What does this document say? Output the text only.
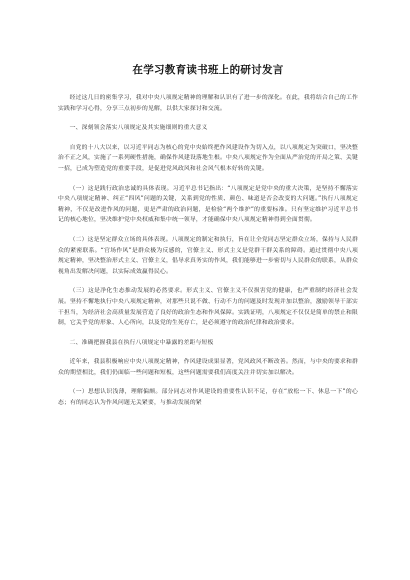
在学习教育读书班上的研讨发言

经过这几日的密集学习，我对中央八项规定精神的理解和认识有了进一步的深化。在此，我将结合自己的工作实践和学习心得，分享三点初步的见解，以供大家探讨和交流。

一、深刻领会落实八项规定及其实施细则的重大意义

自党的十八大以来，以习近平同志为核心的党中央始终把作风建设作为切入点，以八项规定为突破口，坚决整治不正之风，实施了一系列硬性措施，确保作风建设落地生根。中央八项规定作为全面从严治党的开局之策、关键一招，已成为塑造党的重要手段，是促进党风政风和社会风气根本好转的关键。

（一）这是践行政治忠诚的具体表现。习近平总书记指出：“八项规定是党中央的重大决策，是坚持不懈落实中央八项规定精神、纠正“四风”问题的关键，关系到党的性质、颜色、味道是否会改变的大问题。”执行八项规定精神，不仅是改进作风的问题，更是严肃的政治问题，是检验“两个维护”的重要标准。只有坚定维护习近平总书记的核心地位，坚决维护党中央权威和集中统一领导，才能确保中央八项规定精神得到全面贯彻。

（二）这是坚定群众立场的具体表现。八项规定的制定和执行，旨在让全党同志坚定群众立场，保持与人民群众的紧密联系。“官场作风”是群众极为反感的，官僚主义、形式主义是党群干群关系的障碍。通过贯彻中央八项规定精神，坚决整治形式主义、官僚主义，倡导求真务实的作风，我们能够进一步密切与人民群众的联系，从群众视角出发解决问题，以实际成效赢得民心。

（三）这是净化生态推动发展的必然要求。形式主义、官僚主义不仅损害党的健康，也严重制约经济社会发展。坚持不懈地执行中央八项规定精神，对那些只说不做、行动不力的问题及时发现并加以整治，激励领导干部实干担当，为经济社会高质量发展营造了良好的政治生态和作风保障。实践证明，八项规定不仅仅是简单的禁止和限制，它关乎党的形象、人心所向，以及党的生死存亡，是必须遵守的政治纪律和政治要求。

二、准确把握我县在执行八项规定中暴露的差距与短板

近年来，我县积极响应中央八项规定精神，作风建设成果显著，党风政风不断改善。然而，与中央的要求和群众的期望相比，我们仍面临一些问题和短板，这些问题需要我们高度关注并切实加以解决。

（一）思想认识浅薄，理解偏颇。部分同志对作风建设的重要性认识不足，存在“放松一下、休息一下”的心态；有的同志认为作风问题无关紧要，与推动发展的紧
